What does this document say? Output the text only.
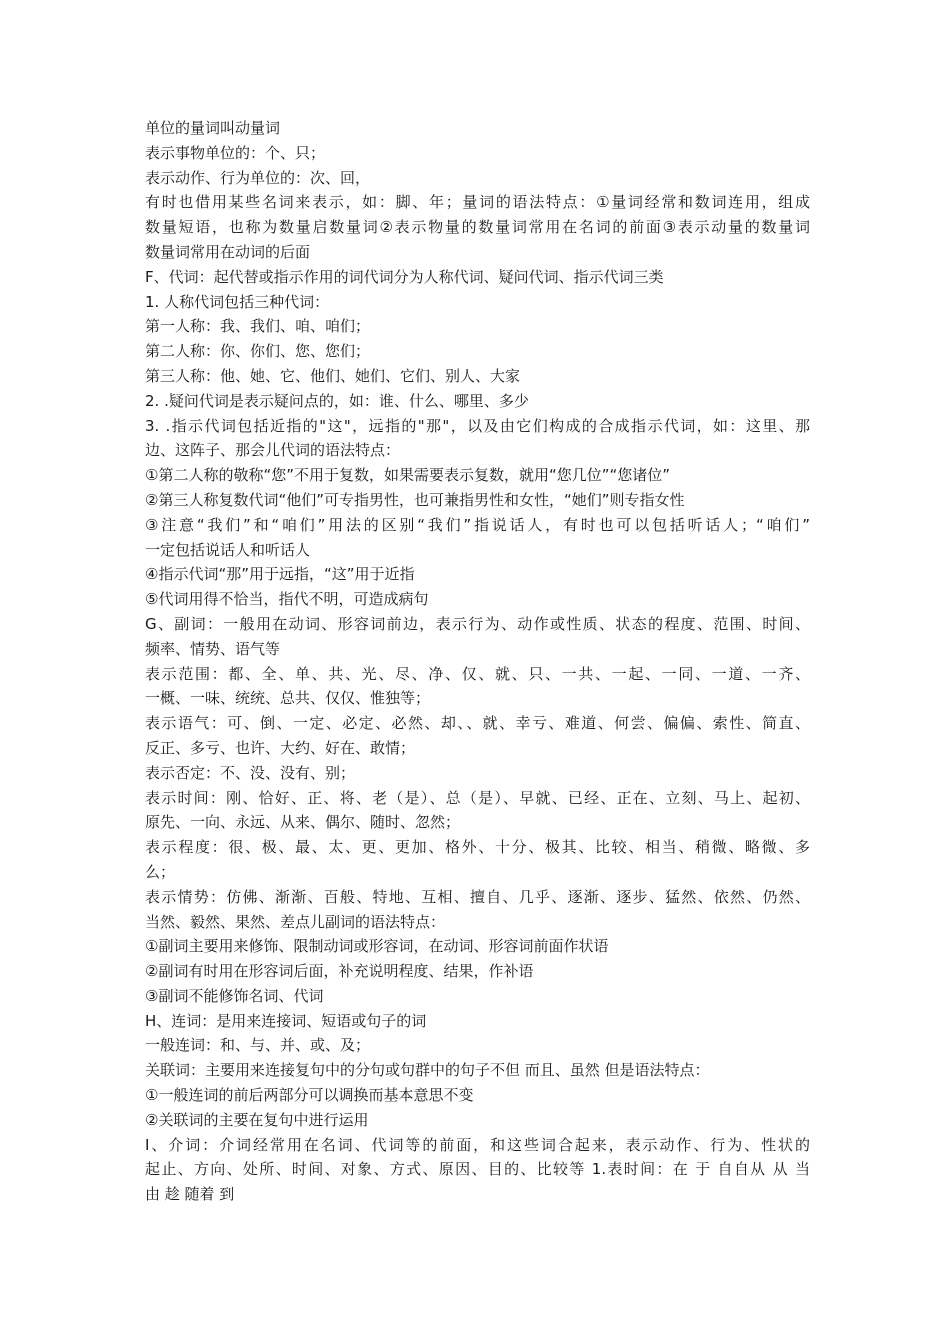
单位的量词叫动量词
表示事物单位的：个、只；
表示动作、行为单位的：次、回，
有时也借用某些名词来表示，如：脚、年；量词的语法特点：①量词经常和数词连用，组成
数量短语，也称为数量启数量词②表示物量的数量词常用在名词的前面③表示动量的数量词
数量词常用在动词的后面
F、代词：起代替或指示作用的词代词分为人称代词、疑问代词、指示代词三类
1. 人称代词包括三种代词：
第一人称：我、我们、咱、咱们；
第二人称：你、你们、您、您们；
第三人称：他、她、它、他们、她们、它们、别人、大家
2. .疑问代词是表示疑问点的，如：谁、什么、哪里、多少
3. .指示代词包括近指的"这"，远指的"那"，以及由它们构成的合成指示代词，如：这里、那
边、这阵子、那会儿代词的语法特点：
①第二人称的敬称“您”不用于复数，如果需要表示复数，就用“您几位”“您诸位”
②第三人称复数代词“他们”可专指男性，也可兼指男性和女性，“她们”则专指女性
③注意“我们”和“咱们”用法的区别“我们”指说话人，有时也可以包括听话人；“咱们”
一定包括说话人和听话人
④指示代词“那”用于远指，“这”用于近指
⑤代词用得不恰当，指代不明，可造成病句
G、副词：一般用在动词、形容词前边，表示行为、动作或性质、状态的程度、范围、时间、
频率、情势、语气等
表示范围：都、全、单、共、光、尽、净、仅、就、只、一共、一起、一同、一道、一齐、
一概、一味、统统、总共、仅仅、惟独等；
表示语气：可、倒、一定、必定、必然、却、、就、幸亏、难道、何尝、偏偏、索性、简直、
反正、多亏、也许、大约、好在、敢情；
表示否定：不、没、没有、别；
表示时间：刚、恰好、正、将、老（是）、总（是）、早就、已经、正在、立刻、马上、起初、
原先、一向、永远、从来、偶尔、随时、忽然；
表示程度：很、极、最、太、更、更加、格外、十分、极其、比较、相当、稍微、略微、多
么；
表示情势：仿佛、渐渐、百般、特地、互相、擅自、几乎、逐渐、逐步、猛然、依然、仍然、
当然、毅然、果然、差点儿副词的语法特点：
①副词主要用来修饰、限制动词或形容词，在动词、形容词前面作状语
②副词有时用在形容词后面，补充说明程度、结果，作补语
③副词不能修饰名词、代词
H、连词：是用来连接词、短语或句子的词
一般连词：和、与、并、或、及；
关联词：主要用来连接复句中的分句或句群中的句子不但 而且、虽然 但是语法特点：
①一般连词的前后两部分可以调换而基本意思不变
②关联词的主要在复句中进行运用
I、介词：介词经常用在名词、代词等的前面，和这些词合起来，表示动作、行为、性状的
起止、方向、处所、时间、对象、方式、原因、目的、比较等 1.表时间：在 于 自自从 从 当
由 趁 随着 到
